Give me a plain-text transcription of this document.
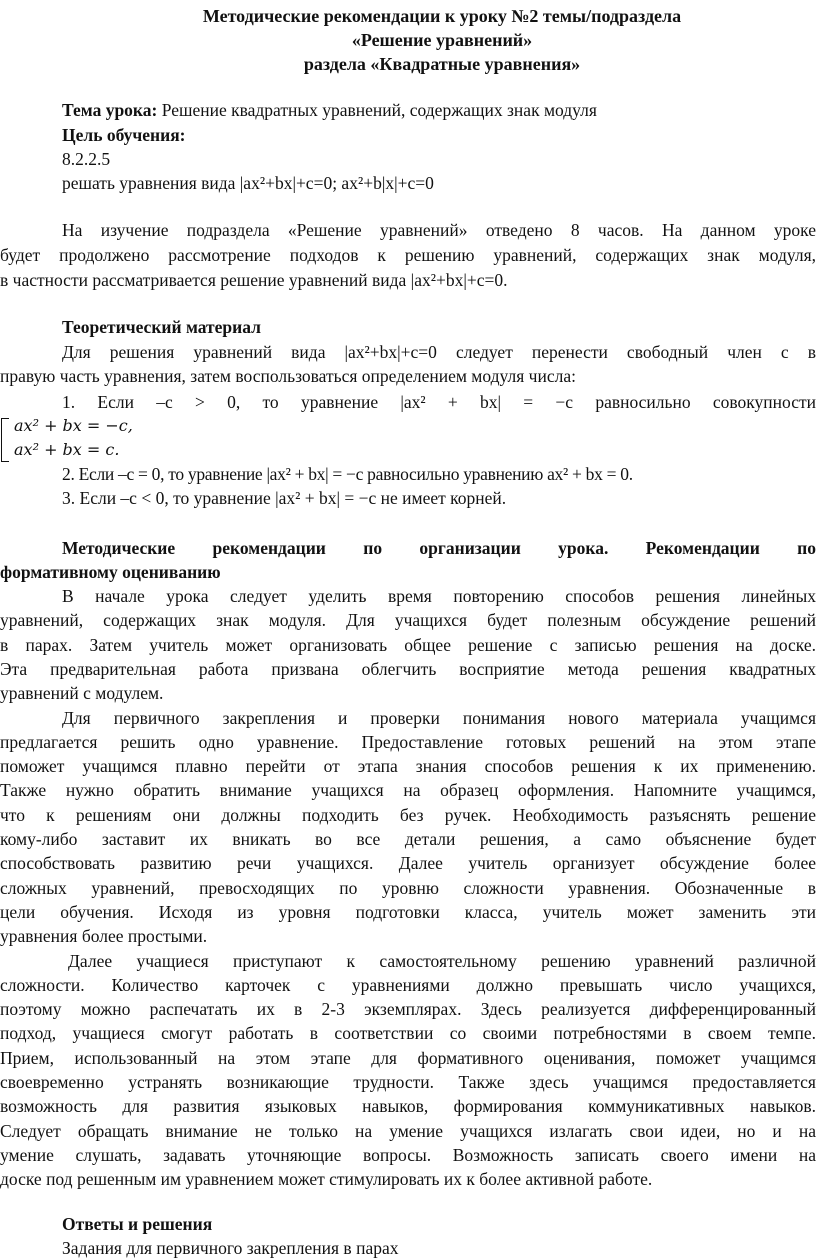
Методические рекомендации к уроку №2 темы/подраздела
«Решение уравнений»
раздела «Квадратные уравнения»
Тема урока: Решение квадратных уравнений, содержащих знак модуля
Цель обучения:
8.2.2.5
решать уравнения вида |ax²+bx|+c=0; ax²+b|x|+c=0
На изучение подраздела «Решение уравнений» отведено 8 часов. На данном уроке
будет продолжено рассмотрение подходов к решению уравнений, содержащих знак модуля,
в частности рассматривается решение уравнений вида |ax²+bx|+c=0.
Теоретический материал
Для решения уравнений вида |ax²+bx|+c=0 следует перенести свободный член c в
правую часть уравнения, затем воспользоваться определением модуля числа:
1. Если –c > 0, то уравнение |ax² + bx| = −c равносильно совокупности
ax² + bx = −c,
ax² + bx = c.
2. Если –c = 0, то уравнение |ax² + bx| = −c равносильно уравнению ax² + bx = 0.
3. Если –c < 0, то уравнение |ax² + bx| = −c не имеет корней.
Методические рекомендации по организации урока. Рекомендации по
формативному оцениванию
В начале урока следует уделить время повторению способов решения линейных
уравнений, содержащих знак модуля. Для учащихся будет полезным обсуждение решений
в парах. Затем учитель может организовать общее решение с записью решения на доске.
Эта предварительная работа призвана облегчить восприятие метода решения квадратных
уравнений с модулем.
Для первичного закрепления и проверки понимания нового материала учащимся
предлагается решить одно уравнение. Предоставление готовых решений на этом этапе
поможет учащимся плавно перейти от этапа знания способов решения к их применению.
Также нужно обратить внимание учащихся на образец оформления. Напомните учащимся,
что к решениям они должны подходить без ручек. Необходимость разъяснять решение
кому-либо заставит их вникать во все детали решения, а само объяснение будет
способствовать развитию речи учащихся. Далее учитель организует обсуждение более
сложных уравнений, превосходящих по уровню сложности уравнения. Обозначенные в
цели обучения. Исходя из уровня подготовки класса, учитель может заменить эти
уравнения более простыми.
Далее учащиеся приступают к самостоятельному решению уравнений различной
сложности. Количество карточек с уравнениями должно превышать число учащихся,
поэтому можно распечатать их в 2-3 экземплярах. Здесь реализуется дифференцированный
подход, учащиеся смогут работать в соответствии со своими потребностями в своем темпе.
Прием, использованный на этом этапе для формативного оценивания, поможет учащимся
своевременно устранять возникающие трудности. Также здесь учащимся предоставляется
возможность для развития языковых навыков, формирования коммуникативных навыков.
Следует обращать внимание не только на умение учащихся излагать свои идеи, но и на
умение слушать, задавать уточняющие вопросы. Возможность записать своего имени на
доске под решенным им уравнением может стимулировать их к более активной работе.
Ответы и решения
Задания для первичного закрепления в парах
